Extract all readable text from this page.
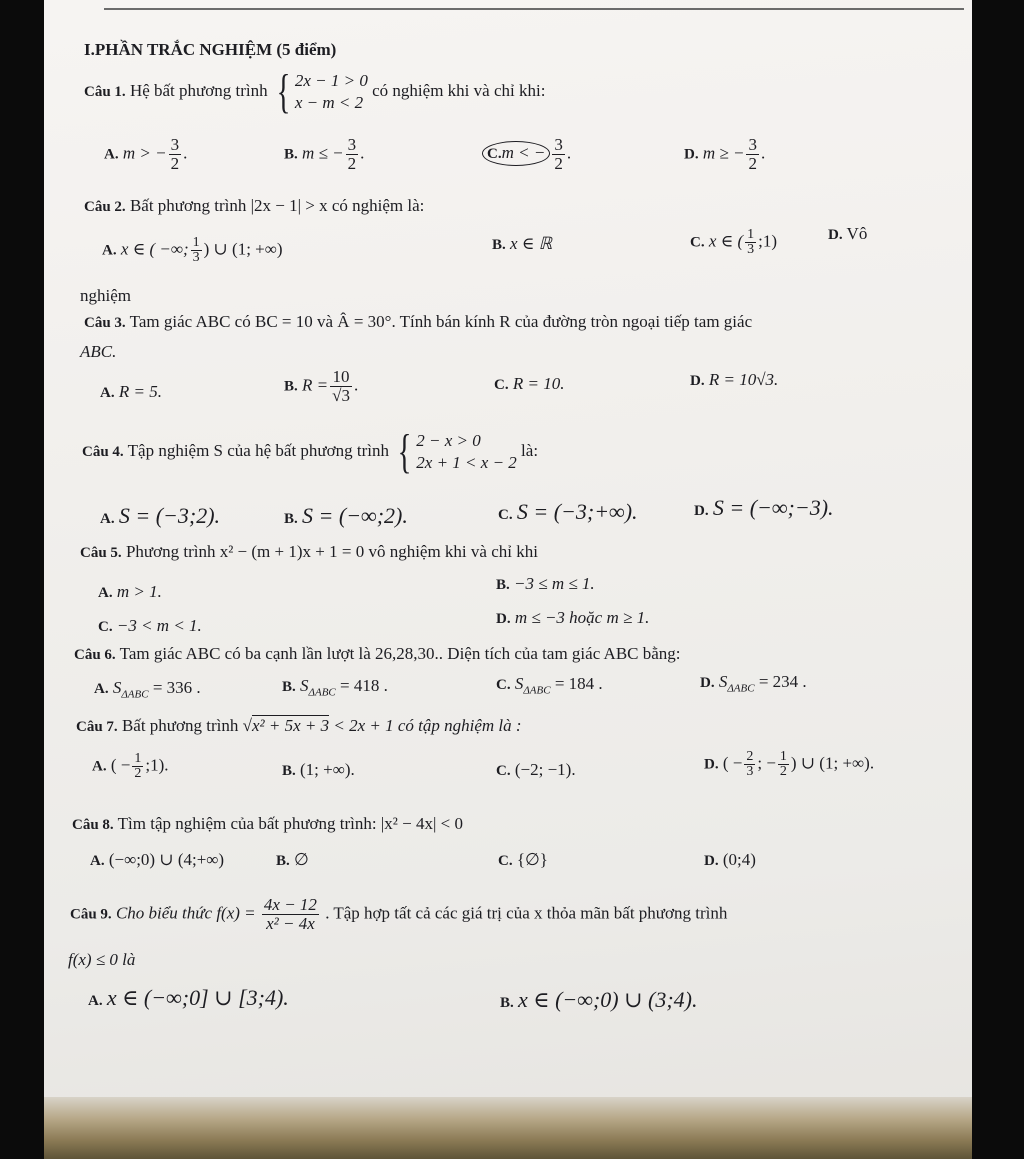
I.PHẦN TRẮC NGHIỆM (5 điểm)
Câu 1. Hệ bất phương trình { 2x − 1 > 0
x − m < 2
có nghiệm khi và chỉ khi:
A. m > − $\frac{3}{2}$ .	B. m ≤ − $\frac{3}{2}$ .	C.m < − $\frac{3}{2}$ .	D. m ≥ − $\frac{3}{2}$ .
Câu 2. Bất phương trình |2x − 1| > x có nghiệm là:
A. x ∈ ( −∞; $\frac{1}{3}$ ) ∪ (1; +∞)	B. x ∈ ℝ	C. x ∈ ( $\frac{1}{3}$ ;1)	D. Vô
nghiệm
Câu 3. Tam giác ABC có BC = 10 và Â = 30°. Tính bán kính R của đường tròn ngoại tiếp tam giác
ABC.
A. R = 5.	B. $R = \frac{10}{√3}$ .	C. R = 10.	D. R = 10√3.
Câu 4. Tập nghiệm S của hệ bất phương trình { 2 − x > 0
2x + 1 < x − 2
là:
A. S = (−3;2).	B. S = (−∞;2).	C. S = (−3;+∞).	D. S = (−∞;−3).
Câu 5. Phương trình x² − (m + 1)x + 1 = 0 vô nghiệm khi và chỉ khi
A. m > 1.	B. −3 ≤ m ≤ 1.
C. −3 < m < 1.	D. m ≤ −3 hoặc m ≥ 1.
Câu 6. Tam giác ABC có ba cạnh lần lượt là 26,28,30.. Diện tích của tam giác ABC bằng:
A. $S_{\Delta ABC} = 336$ .	B. $S_{\Delta ABC} = 418$ .	C. $S_{\Delta ABC} = 184$ .	D. $S_{\Delta ABC} = 234$ .
Câu 7. Bất phương trình √x² + 5x + 3 < 2x + 1 có tập nghiệm là :
A. ( − $\frac{1}{2}$ ;1).	B. (1; +∞).	C. (−2; −1).	D. ( − $\frac{2}{3}$ ; − $\frac{1}{2}$ ) ∪ (1; +∞).
Câu 8. Tìm tập nghiệm của bất phương trình: |x² − 4x| < 0
A. (−∞;0) ∪ (4;+∞)	B. ∅	C. {∅}	D. (0;4)
Câu 9. Cho biểu thức $f(x) = \frac{4x - 12}{\text{x² − 4x}}$ . Tập hợp tất cả các giá trị của x thỏa mãn bất phương trình
f(x) ≤ 0 là
A. x ∈ (−∞;0] ∪ [3;4).	B. x ∈ (−∞;0) ∪ (3;4).
